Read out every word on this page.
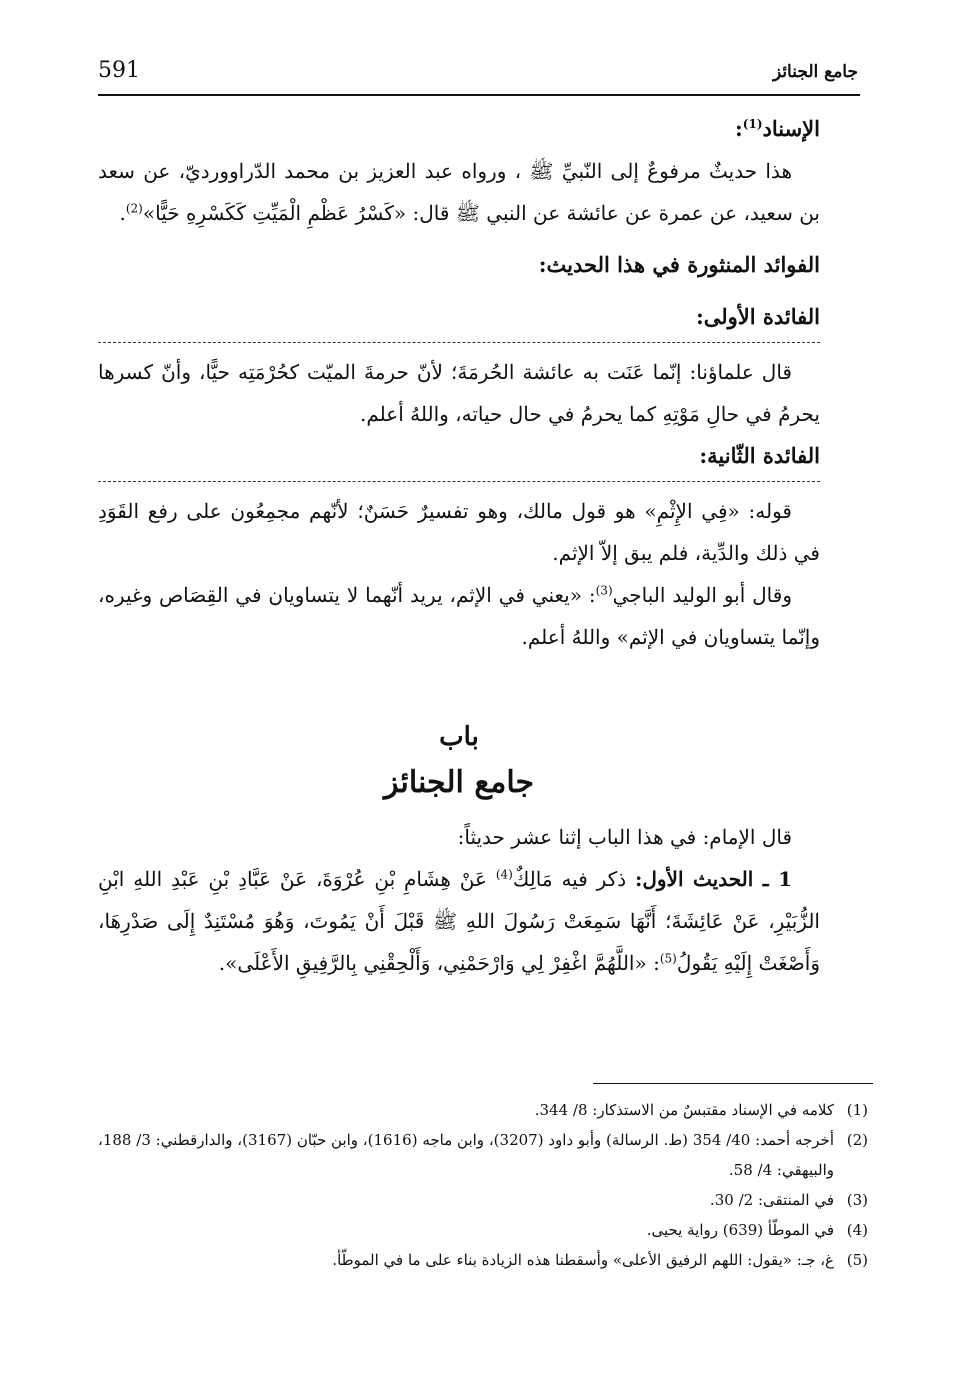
جامع الجنائز
591

الإسناد$^{(1)}$:

هذا حديثٌ مرفوعٌ إلى النّبيِّ ﷺ ، ورواه عبد العزيز بن محمد الدّراوورديّ، عن سعد بن سعيد، عن عمرة عن عائشة عن النبي ﷺ قال: «كَسْرُ عَظْمِ الْمَيِّتِ كَكَسْرِهِ حَيًّا»$^{(2)}$.

الفوائد المنثورة في هذا الحديث:

الفائدة الأولى:

قال علماؤنا: إنّما عَنَت به عائشة الحُرمَةَ؛ لأنّ حرمةَ الميّت كحُرْمَتِه حيًّا، وأنّ كسرها يحرمُ في حالِ مَوْتِهِ كما يحرمُ في حال حياته، واللهُ أعلم.

الفائدة الثّانية:

قوله: «فِي الإِثْمِ» هو قول مالك، وهو تفسيرٌ حَسَنٌ؛ لأنّهم مجمِعُون على رفع القَوَدِ في ذلك والدِّية، فلم يبق إلاّ الإثم.

وقال أبو الوليد الباجي$^{(3)}$: «يعني في الإثم، يريد أنّهما لا يتساويان في القِصَاص وغيره، وإنّما يتساويان في الإثم» واللهُ أعلم.

باب

جامع الجنائز

قال الإمام: في هذا الباب إثنا عشر حديثاً:

1 ـ الحديث الأول: ذكر فيه مَالِكٌ$^{(4)}$ عَنْ هِشَامِ بْنِ عُرْوَةَ، عَنْ عَبَّادِ بْنِ عَبْدِ اللهِ ابْنِ الزُّبَيْرِ، عَنْ عَائِشَةَ؛ أَنَّهَا سَمِعَتْ رَسُولَ اللهِ ﷺ قَبْلَ أَنْ يَمُوتَ، وَهُوَ مُسْتَنِدٌ إِلَى صَدْرِهَا، وَأَصْغَتْ إِلَيْهِ يَقُولُ$^{(5)}$: «اللَّهُمَّ اغْفِرْ لِي وَارْحَمْنِي، وَأَلْحِقْنِي بِالرَّفِيقِ الأَعْلَى».

(1)
كلامه في الإسناد مقتبسٌ من الاستذكار: 8/ 344.

(2)
أخرجه أحمد: 40/ 354 (ط. الرسالة) وأبو داود (3207)، وابن ماجه (1616)، وابن حبّان (3167)، والدارقطني: 3/ 188، والبيهقي: 4/ 58.

(3)
في المنتقى: 2/ 30.

(4)
في الموطّأ (639) رواية يحيى.

(5)
غ، جـ: «يقول: اللهم الرفيق الأعلى» وأسقطنا هذه الزيادة بناء على ما في الموطّأ.
